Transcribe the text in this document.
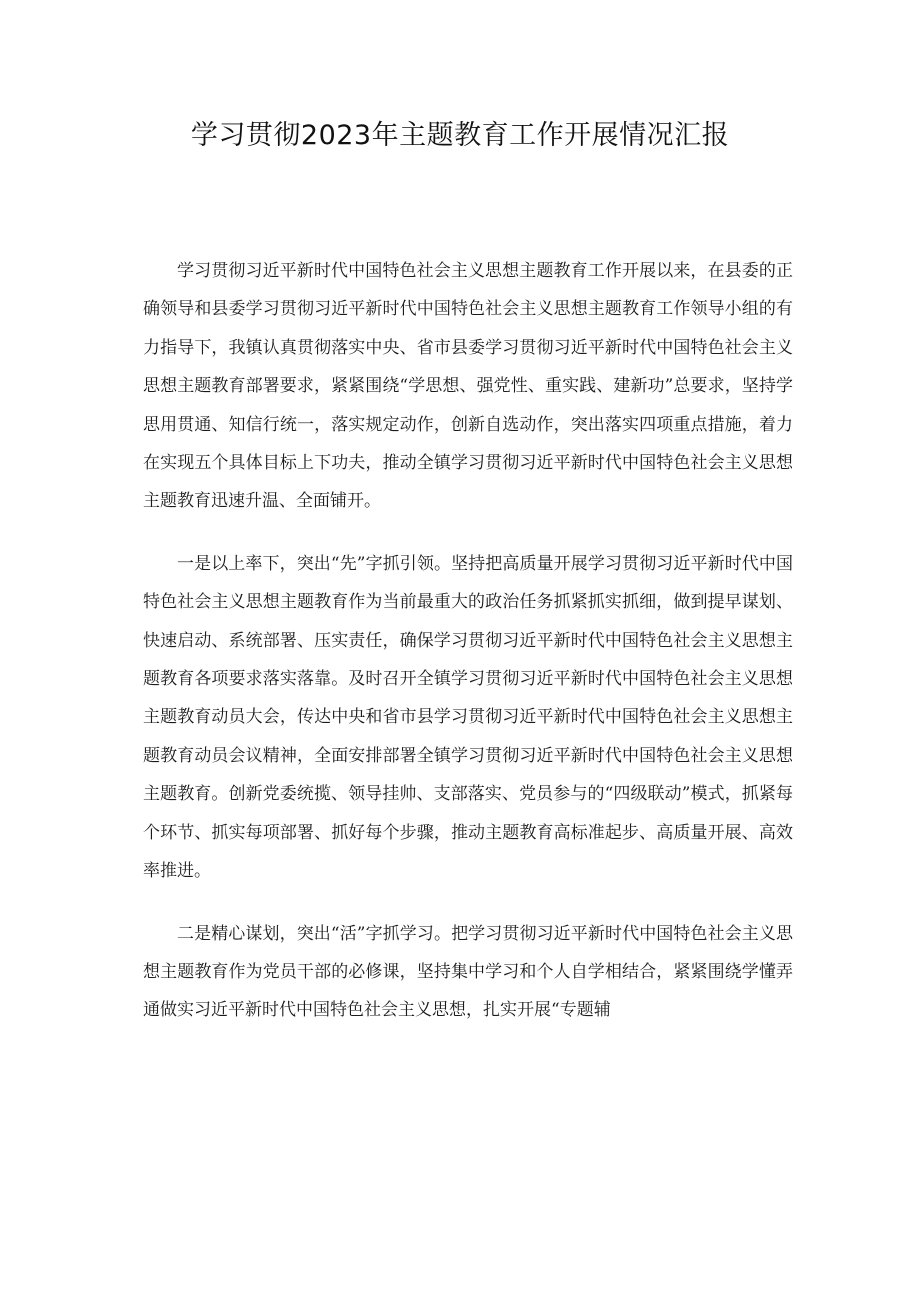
学习贯彻2023年主题教育工作开展情况汇报

学习贯彻习近平新时代中国特色社会主义思想主题教育工作开展以来，在县委的正确领导和县委学习贯彻习近平新时代中国特色社会主义思想主题教育工作领导小组的有力指导下，我镇认真贯彻落实中央、省市县委学习贯彻习近平新时代中国特色社会主义思想主题教育部署要求，紧紧围绕“学思想、强党性、重实践、建新功”总要求，坚持学思用贯通、知信行统一，落实规定动作，创新自选动作，突出落实四项重点措施，着力在实现五个具体目标上下功夫，推动全镇学习贯彻习近平新时代中国特色社会主义思想主题教育迅速升温、全面铺开。

一是以上率下，突出“先”字抓引领。坚持把高质量开展学习贯彻习近平新时代中国特色社会主义思想主题教育作为当前最重大的政治任务抓紧抓实抓细，做到提早谋划、快速启动、系统部署、压实责任，确保学习贯彻习近平新时代中国特色社会主义思想主题教育各项要求落实落靠。及时召开全镇学习贯彻习近平新时代中国特色社会主义思想主题教育动员大会，传达中央和省市县学习贯彻习近平新时代中国特色社会主义思想主题教育动员会议精神，全面安排部署全镇学习贯彻习近平新时代中国特色社会主义思想主题教育。创新党委统揽、领导挂帅、支部落实、党员参与的“四级联动”模式，抓紧每个环节、抓实每项部署、抓好每个步骤，推动主题教育高标准起步、高质量开展、高效率推进。

二是精心谋划，突出“活”字抓学习。把学习贯彻习近平新时代中国特色社会主义思想主题教育作为党员干部的必修课，坚持集中学习和个人自学相结合，紧紧围绕学懂弄通做实习近平新时代中国特色社会主义思想，扎实开展“专题辅
